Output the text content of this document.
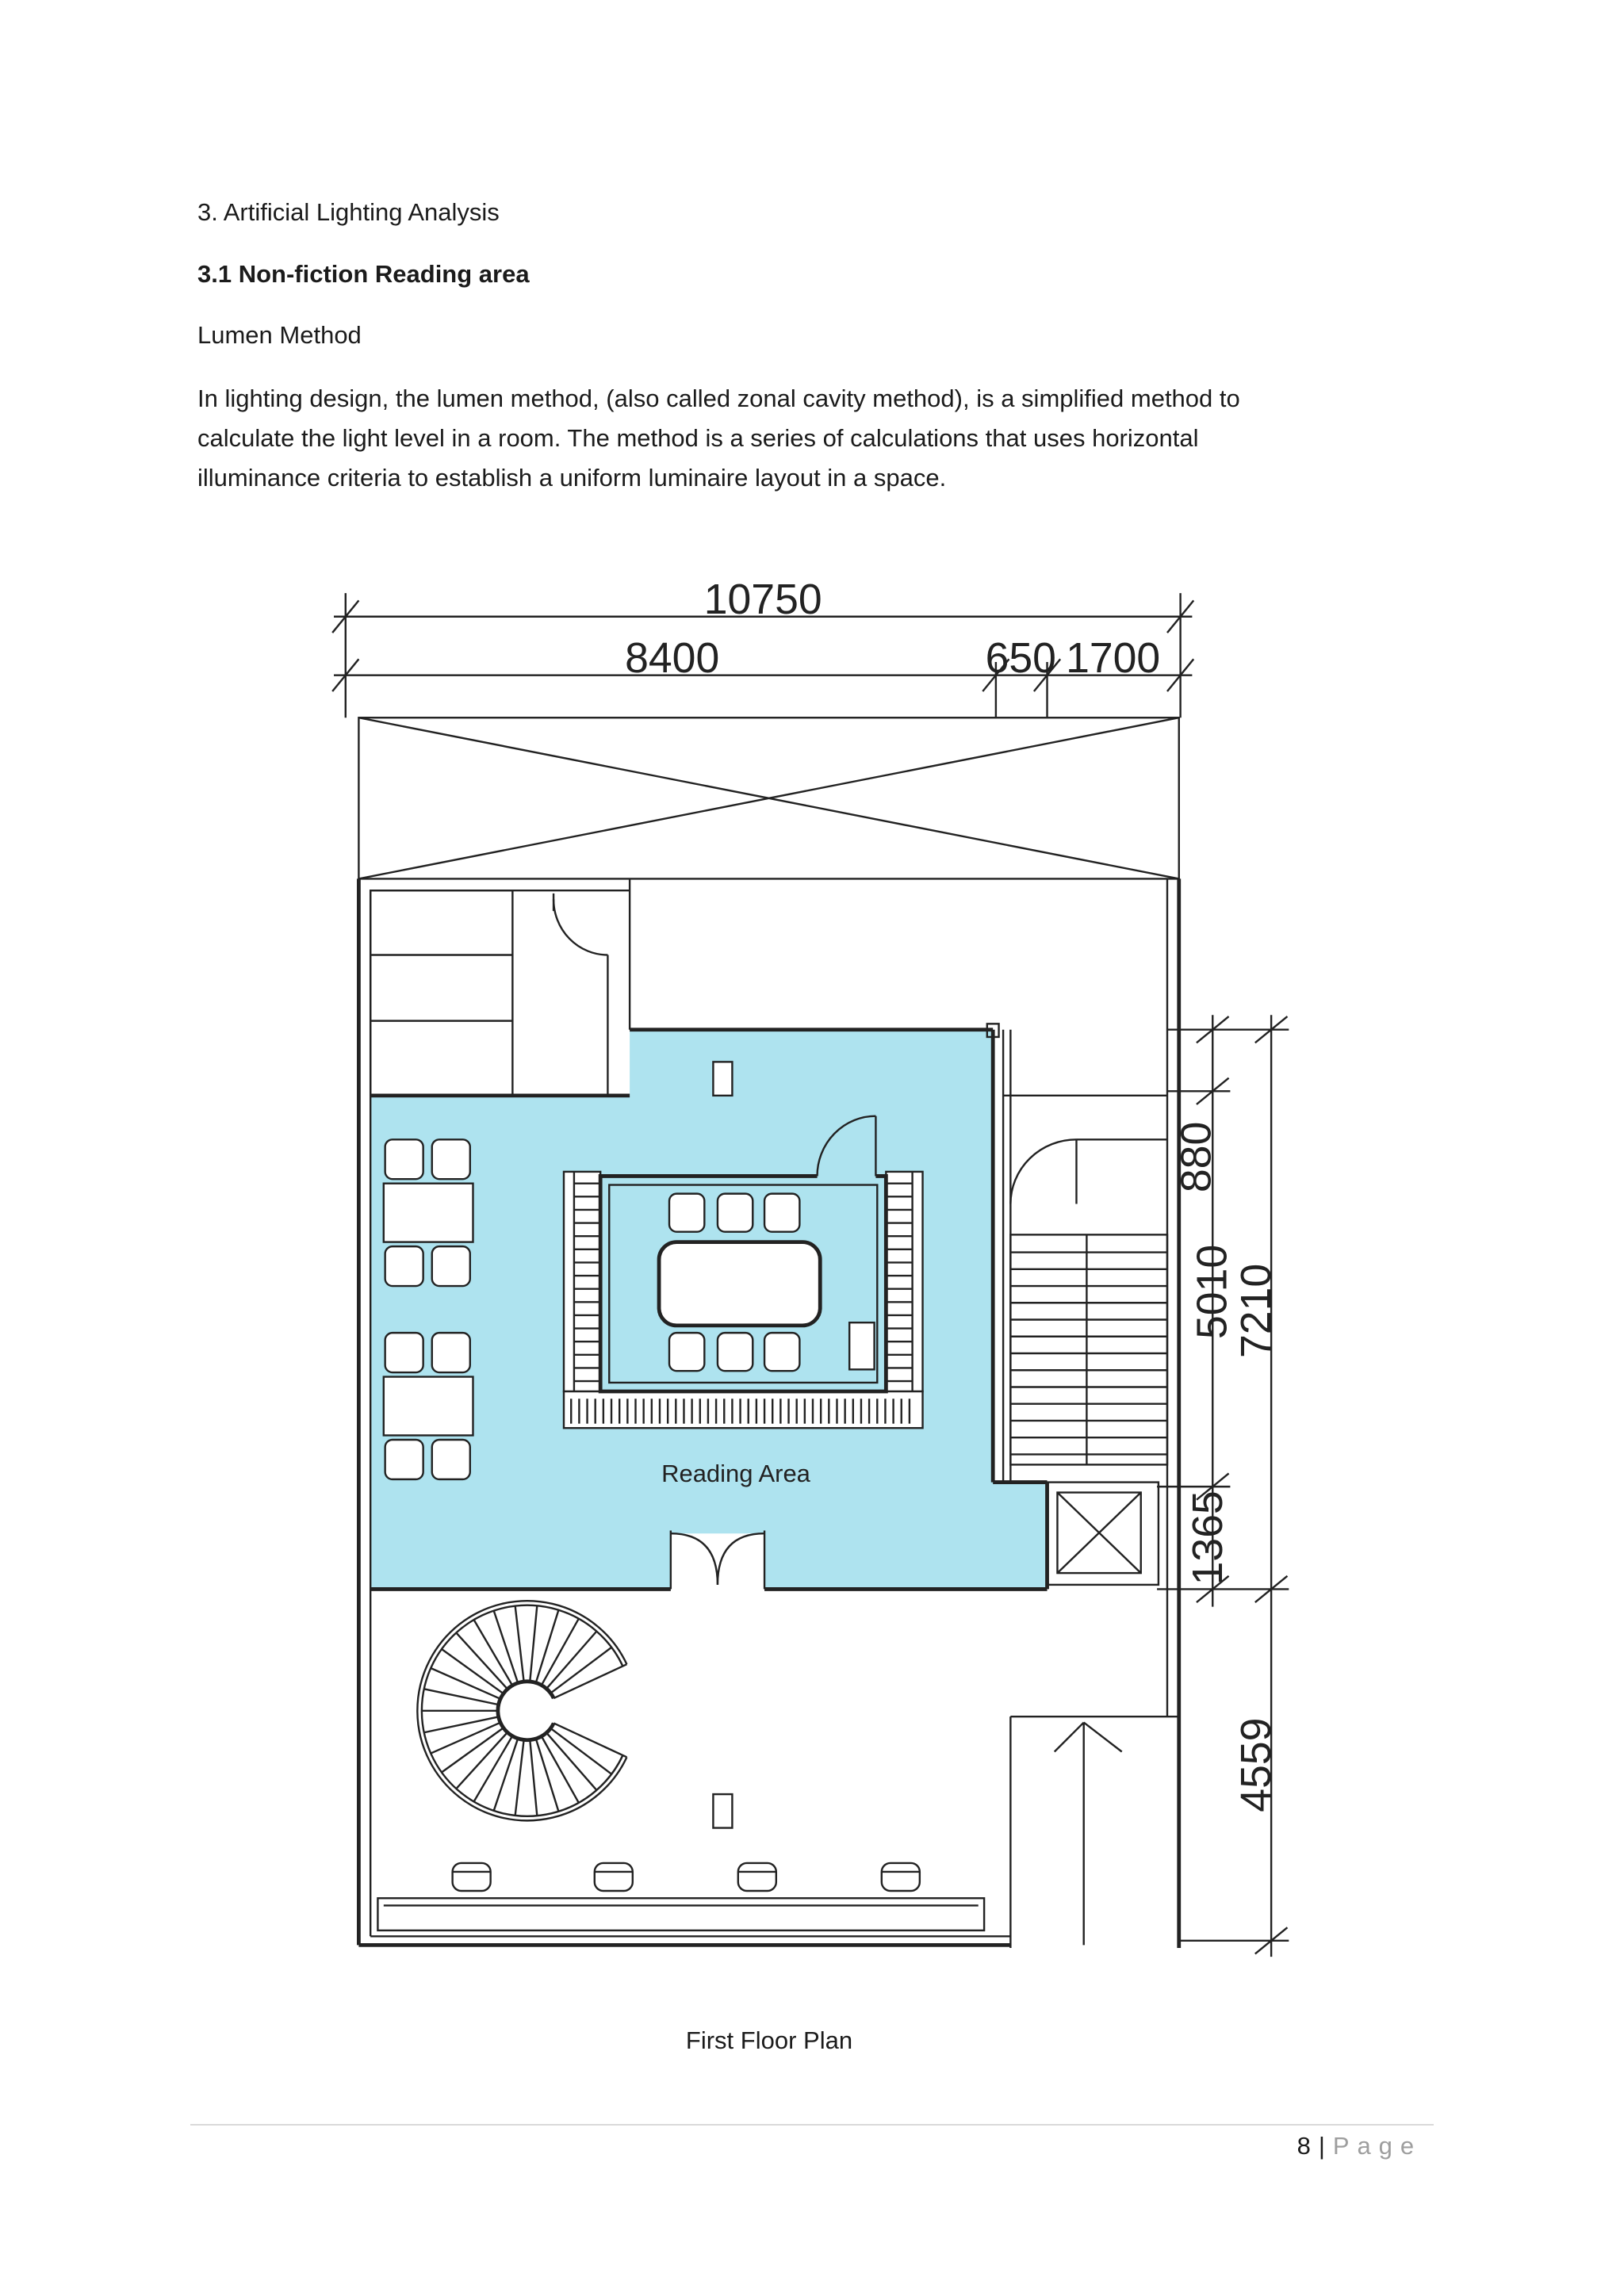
3. Artificial Lighting Analysis
3.1 Non-fiction Reading area
Lumen Method
In lighting design, the lumen method, (also called zonal cavity method), is a simplified method to
calculate the light level in a room. The method is a series of calculations that uses horizontal
illuminance criteria to establish a uniform luminaire layout in a space.
10750
8400	650 1700
880
5010
7210
1365
4559
Reading Area
First Floor Plan
8 | Page
